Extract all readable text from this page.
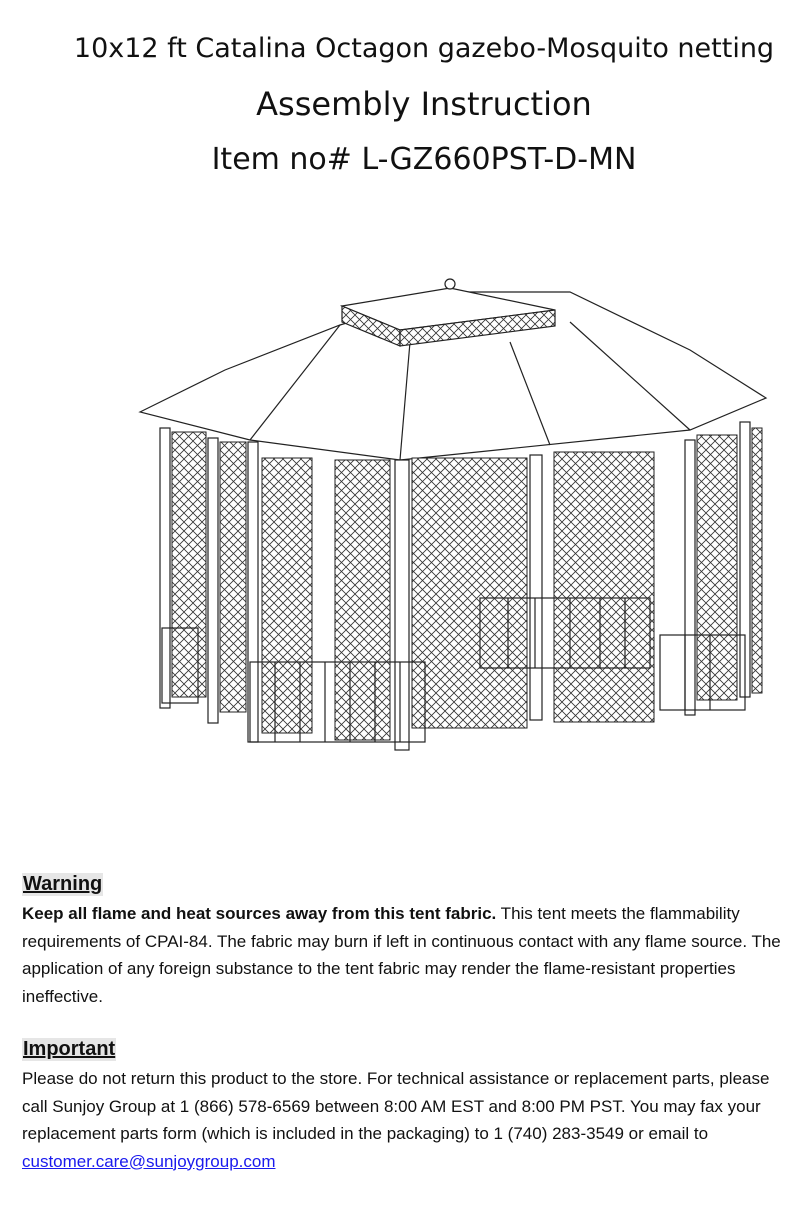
10x12 ft Catalina Octagon gazebo-Mosquito netting
Assembly Instruction
Item no# L-GZ660PST-D-MN
Warning
Keep all flame and heat sources away from this tent fabric. This tent meets the flammability requirements of CPAI-84. The fabric may burn if left in continuous contact with any flame source. The application of any foreign substance to the tent fabric may render the flame-resistant properties ineffective.
Important
Please do not return this product to the store. For technical assistance or replacement parts, please call Sunjoy Group at 1 (866) 578-6569 between 8:00 AM EST and 8:00 PM PST. You may fax your replacement parts form (which is included in the packaging) to 1 (740) 283-3549 or email to customer.care@sunjoygroup.com
